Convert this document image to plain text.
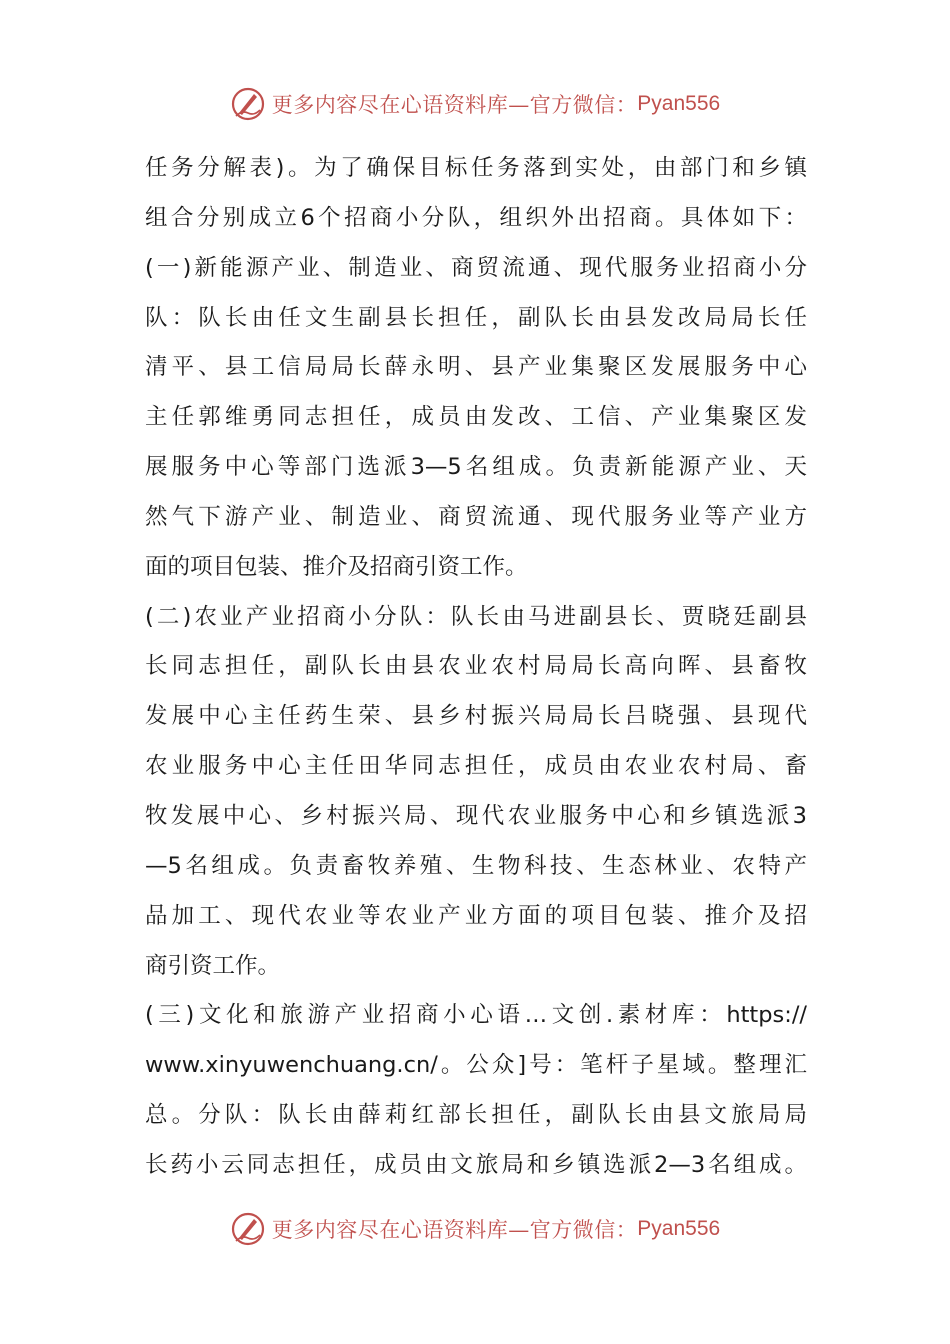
更多内容尽在心语资料库—官方微信： Pyan556
任务分解表)。为了确保目标任务落到实处，由部门和乡镇
组合分别成立6个招商小分队，组织外出招商。具体如下：
(一)新能源产业、制造业、商贸流通、现代服务业招商小分
队：队长由任文生副县长担任，副队长由县发改局局长任
清平、县工信局局长薛永明、县产业集聚区发展服务中心
主任郭维勇同志担任，成员由发改、工信、产业集聚区发
展服务中心等部门选派3—5名组成。负责新能源产业、天
然气下游产业、制造业、商贸流通、现代服务业等产业方
面的项目包装、推介及招商引资工作。
(二)农业产业招商小分队：队长由马进副县长、贾晓廷副县
长同志担任，副队长由县农业农村局局长高向晖、县畜牧
发展中心主任药生荣、县乡村振兴局局长吕晓强、县现代
农业服务中心主任田华同志担任，成员由农业农村局、畜
牧发展中心、乡村振兴局、现代农业服务中心和乡镇选派3
—5名组成。负责畜牧养殖、生物科技、生态林业、农特产
品加工、现代农业等农业产业方面的项目包装、推介及招
商引资工作。
(三)文化和旅游产业招商小心语…文创.素材库：https://
www.xinyuwenchuang.cn/。公众]号：笔杆子星域。整理汇
总。分队：队长由薛莉红部长担任，副队长由县文旅局局
长药小云同志担任，成员由文旅局和乡镇选派2—3名组成。
更多内容尽在心语资料库—官方微信： Pyan556
